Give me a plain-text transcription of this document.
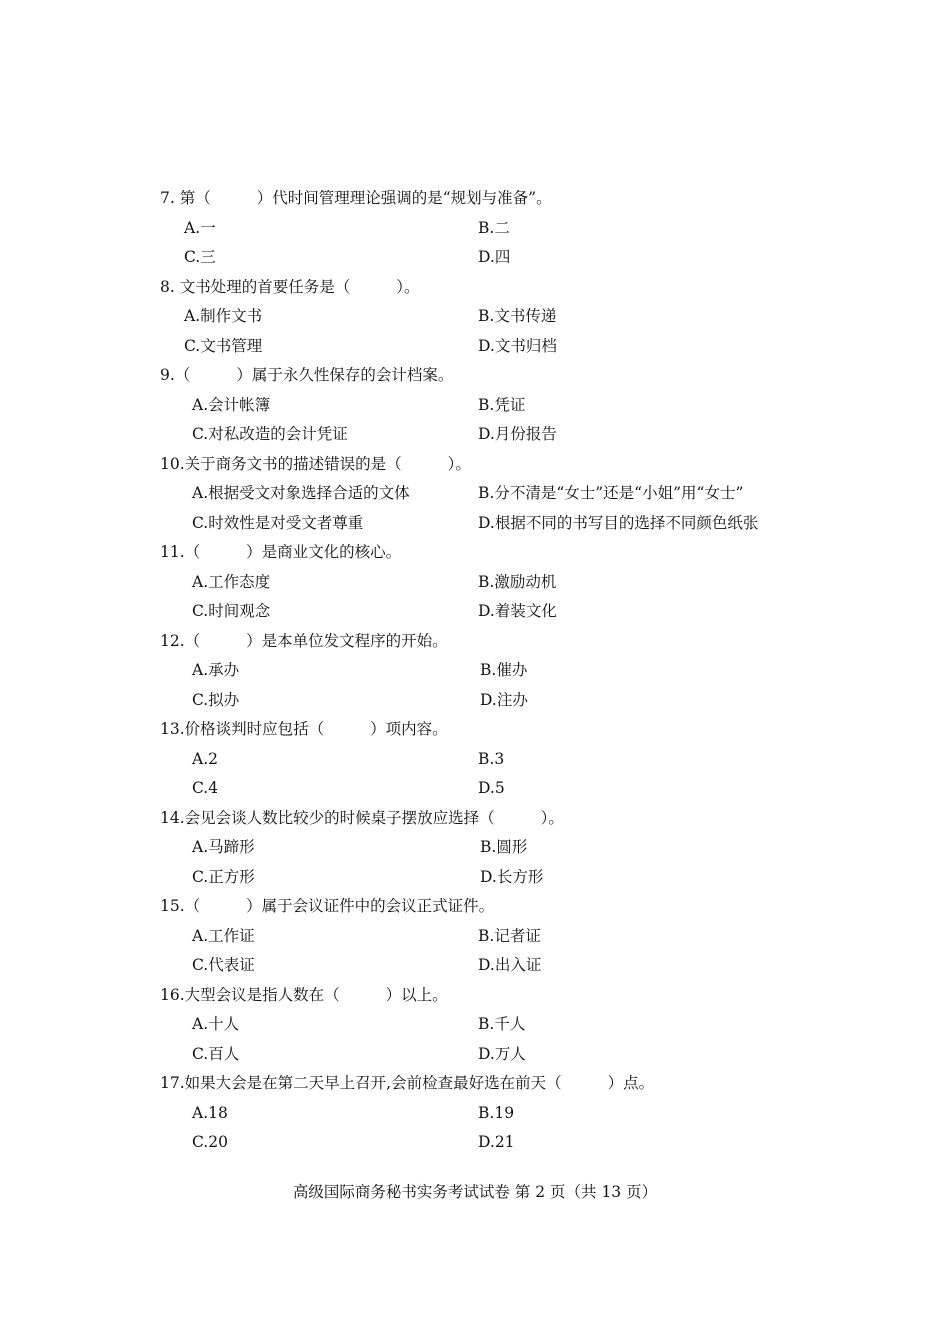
7. 第（	）代时间管理理论强调的是“规划与准备”。
A.一	B.二
C.三	D.四
8. 文书处理的首要任务是（	）。
A.制作文书	B.文书传递
C.文书管理	D.文书归档
9.（	）属于永久性保存的会计档案。
A.会计帐簿	B.凭证
C.对私改造的会计凭证	D.月份报告
10.关于商务文书的描述错误的是（	）。
A.根据受文对象选择合适的文体	B.分不清是“女士”还是“小姐”用“女士”
C.时效性是对受文者尊重	D.根据不同的书写目的选择不同颜色纸张
11.（	）是商业文化的核心。
A.工作态度	B.激励动机
C.时间观念	D.着装文化
12.（	）是本单位发文程序的开始。
A.承办	B.催办
C.拟办	D.注办
13.价格谈判时应包括（	）项内容。
A.2	B.3
C.4	D.5
14.会见会谈人数比较少的时候桌子摆放应选择（	）。
A.马蹄形	B.圆形
C.正方形	D.长方形
15.（	）属于会议证件中的会议正式证件。
A.工作证	B.记者证
C.代表证	D.出入证
16.大型会议是指人数在（	）以上。
A.十人	B.千人
C.百人	D.万人
17.如果大会是在第二天早上召开,会前检查最好选在前天（	）点。
A.18	B.19
C.20	D.21
高级国际商务秘书实务考试试卷 第 2 页（共 13 页）
